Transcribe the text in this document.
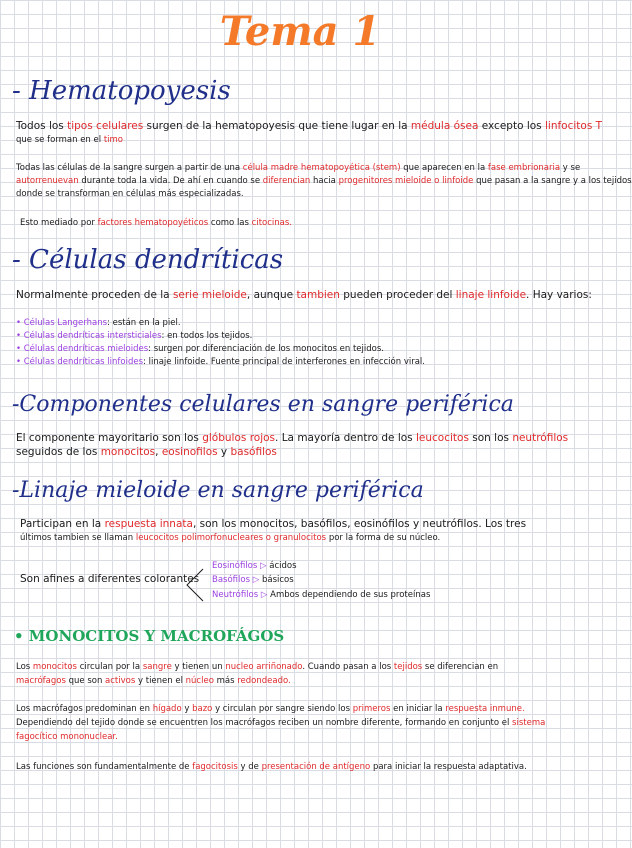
Tema 1
- Hematopoyesis
Todos los tipos celulares surgen de la hematopoyesis que tiene lugar en la médula ósea excepto los linfocitos T
que se forman en el timo
Todas las células de la sangre surgen a partir de una célula madre hematopoyética (stem) que aparecen en la fase embrionaria y se
autorrenuevan durante toda la vida. De ahí en cuando se diferencian hacia progenitores mieloide o linfoide que pasan a la sangre y a los tejidos
donde se transforman en células más especializadas.
Esto mediado por factores hematopoyéticos como las citocinas.
- Células dendríticas
Normalmente proceden de la serie mieloide, aunque tambien pueden proceder del linaje linfoide. Hay varios:
• Células Langerhans: están en la piel.
• Células dendríticas intersticiales: en todos los tejidos.
• Células dendríticas mieloides: surgen por diferenciación de los monocitos en tejidos.
• Células dendríticas linfoides: linaje linfoide. Fuente principal de interferones en infección viral.
-Componentes celulares en sangre periférica
El componente mayoritario son los glóbulos rojos. La mayoría dentro de los leucocitos son los neutrófilos
seguidos de los monocitos, eosinofilos y basófilos
-Linaje mieloide en sangre periférica
Participan en la respuesta innata, son los monocitos, basófilos, eosinófilos y neutrófilos. Los tres
últimos tambien se llaman leucocitos polimorfonucleares o granulocitos por la forma de su núcleo.
Son afines a diferentes colorantes
Eosinófilos ▷ ácidos
Basófilos ▷ básicos
Neutrófilos ▷ Ambos dependiendo de sus proteínas
• MONOCITOS Y MACROFÁGOS
Los monocitos circulan por la sangre y tienen un nucleo arriñonado. Cuando pasan a los tejidos se diferencian en
macrófagos que son activos y tienen el núcleo más redondeado.
Los macrófagos predominan en hígado y bazo y circulan por sangre siendo los primeros en iniciar la respuesta inmune.
Dependiendo del tejido donde se encuentren los macrófagos reciben un nombre diferente, formando en conjunto el sistema
fagocítico mononuclear.
Las funciones son fundamentalmente de fagocitosis y de presentación de antígeno para iniciar la respuesta adaptativa.
